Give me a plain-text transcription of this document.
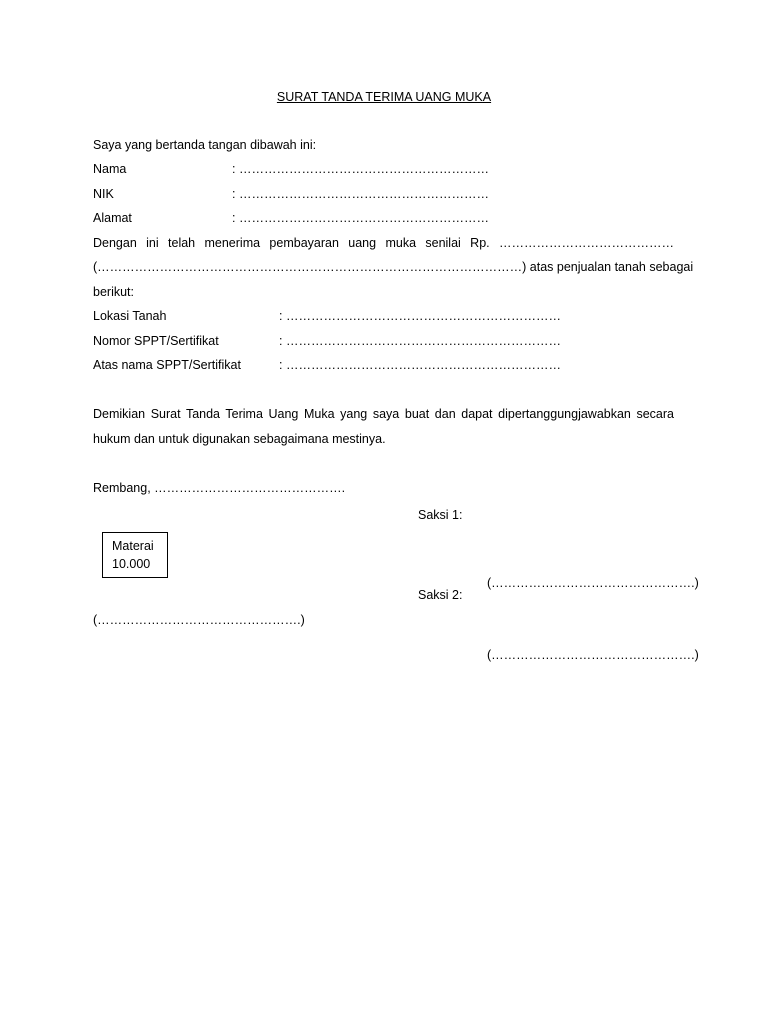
SURAT TANDA TERIMA UANG MUKA
Saya yang bertanda tangan dibawah ini:
Nama	: ……………………………………………………
NIK	: ……………………………………………………
Alamat	: ……………………………………………………
Dengan ini telah menerima pembayaran uang muka senilai Rp. ……………………………………
(…………………………………………………………………………………………) atas penjualan tanah sebagai
berikut:
Lokasi Tanah	: …………………………………………………………
Nomor SPPT/Sertifikat	: …………………………………………………………
Atas nama SPPT/Sertifikat	: …………………………………………………………
Demikian Surat Tanda Terima Uang Muka yang saya buat dan dapat dipertanggungjawabkan secara
hukum dan untuk digunakan sebagaimana mestinya.
Rembang, ……………………………………….
Saksi 1:
Materai
10.000
(………………………………………….)
Saksi 2:
(………………………………………….)
(………………………………………….)
